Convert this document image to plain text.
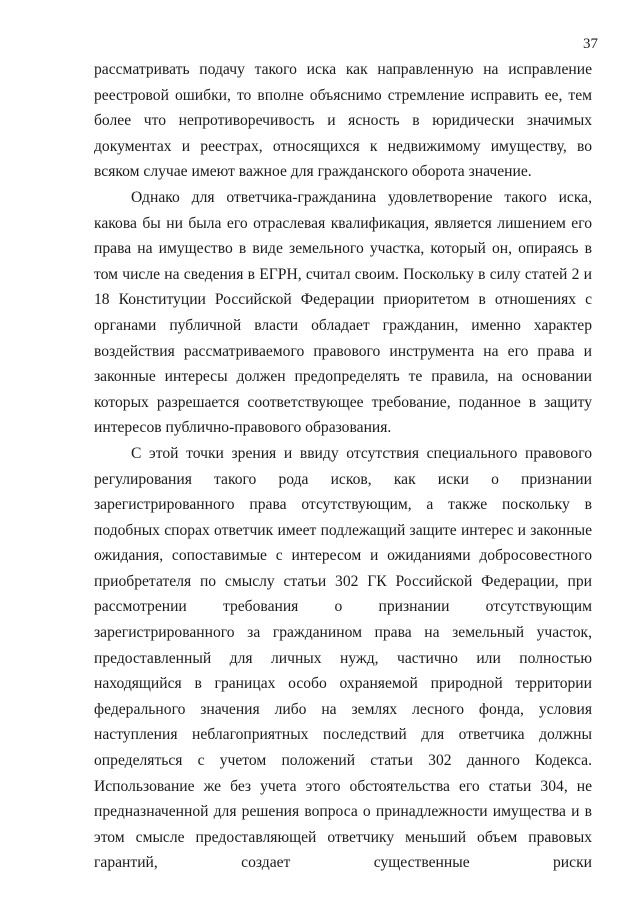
37

рассматривать подачу такого иска как направленную на исправление реестровой ошибки, то вполне объяснимо стремление исправить ее, тем более что непротиворечивость и ясность в юридически значимых документах и реестрах, относящихся к недвижимому имуществу, во всяком случае имеют важное для гражданского оборота значение.

Однако для ответчика-гражданина удовлетворение такого иска, какова бы ни была его отраслевая квалификация, является лишением его права на имущество в виде земельного участка, который он, опираясь в том числе на сведения в ЕГРН, считал своим. Поскольку в силу статей 2 и 18 Конституции Российской Федерации приоритетом в отношениях с органами публичной власти обладает гражданин, именно характер воздействия рассматриваемого правового инструмента на его права и законные интересы должен предопределять те правила, на основании которых разрешается соответствующее требование, поданное в защиту интересов публично-правового образования.

С этой точки зрения и ввиду отсутствия специального правового регулирования такого рода исков, как иски о признании зарегистрированного права отсутствующим, а также поскольку в подобных спорах ответчик имеет подлежащий защите интерес и законные ожидания, сопоставимые с интересом и ожиданиями добросовестного приобретателя по смыслу статьи 302 ГК Российской Федерации, при рассмотрении требования о признании отсутствующим зарегистрированного за гражданином права на земельный участок, предоставленный для личных нужд, частично или полностью находящийся в границах особо охраняемой природной территории федерального значения либо на землях лесного фонда, условия наступления неблагоприятных последствий для ответчика должны определяться с учетом положений статьи 302 данного Кодекса. Использование же без учета этого обстоятельства его статьи 304, не предназначенной для решения вопроса о принадлежности имущества и в этом смысле предоставляющей ответчику меньший объем правовых гарантий, создает существенные риски
